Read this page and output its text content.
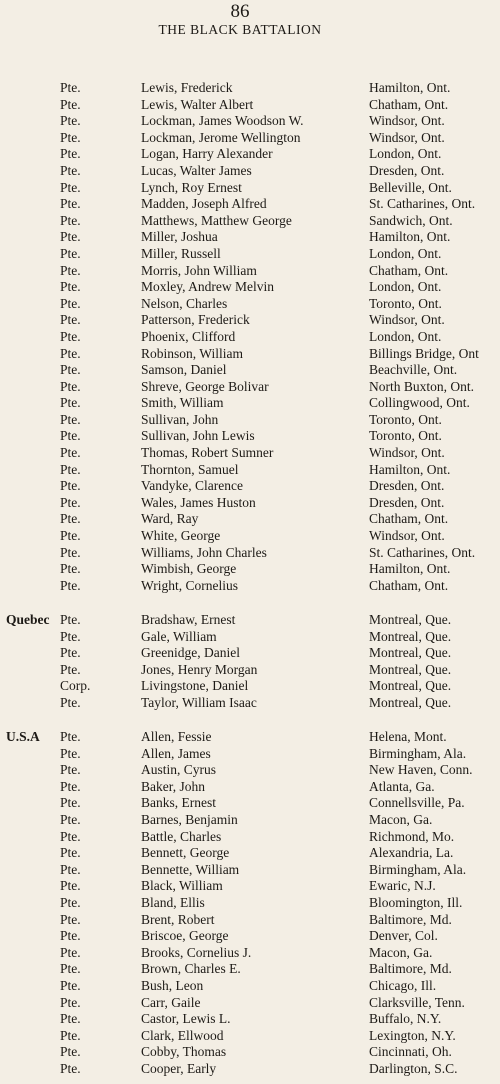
86
THE BLACK BATTALION
Pte.	Lewis, Frederick	Hamilton, Ont.
Pte.	Lewis, Walter Albert	Chatham, Ont.
Pte.	Lockman, James Woodson W.	Windsor, Ont.
Pte.	Lockman, Jerome Wellington	Windsor, Ont.
Pte.	Logan, Harry Alexander	London, Ont.
Pte.	Lucas, Walter James	Dresden, Ont.
Pte.	Lynch, Roy Ernest	Belleville, Ont.
Pte.	Madden, Joseph Alfred	St. Catharines, Ont.
Pte.	Matthews, Matthew George	Sandwich, Ont.
Pte.	Miller, Joshua	Hamilton, Ont.
Pte.	Miller, Russell	London, Ont.
Pte.	Morris, John William	Chatham, Ont.
Pte.	Moxley, Andrew Melvin	London, Ont.
Pte.	Nelson, Charles	Toronto, Ont.
Pte.	Patterson, Frederick	Windsor, Ont.
Pte.	Phoenix, Clifford	London, Ont.
Pte.	Robinson, William	Billings Bridge, Ont
Pte.	Samson, Daniel	Beachville, Ont.
Pte.	Shreve, George Bolivar	North Buxton, Ont.
Pte.	Smith, William	Collingwood, Ont.
Pte.	Sullivan, John	Toronto, Ont.
Pte.	Sullivan, John Lewis	Toronto, Ont.
Pte.	Thomas, Robert Sumner	Windsor, Ont.
Pte.	Thornton, Samuel	Hamilton, Ont.
Pte.	Vandyke, Clarence	Dresden, Ont.
Pte.	Wales, James Huston	Dresden, Ont.
Pte.	Ward, Ray	Chatham, Ont.
Pte.	White, George	Windsor, Ont.
Pte.	Williams, John Charles	St. Catharines, Ont.
Pte.	Wimbish, George	Hamilton, Ont.
Pte.	Wright, Cornelius	Chatham, Ont.
Quebec Pte.	Bradshaw, Ernest	Montreal, Que.
Pte.	Gale, William	Montreal, Que.
Pte.	Greenidge, Daniel	Montreal, Que.
Pte.	Jones, Henry Morgan	Montreal, Que.
Corp.	Livingstone, Daniel	Montreal, Que.
Pte.	Taylor, William Isaac	Montreal, Que.
U.S.A Pte.	Allen, Fessie	Helena, Mont.
Pte.	Allen, James	Birmingham, Ala.
Pte.	Austin, Cyrus	New Haven, Conn.
Pte.	Baker, John	Atlanta, Ga.
Pte.	Banks, Ernest	Connellsville, Pa.
Pte.	Barnes, Benjamin	Macon, Ga.
Pte.	Battle, Charles	Richmond, Mo.
Pte.	Bennett, George	Alexandria, La.
Pte.	Bennette, William	Birmingham, Ala.
Pte.	Black, William	Ewaric, N.J.
Pte.	Bland, Ellis	Bloomington, Ill.
Pte.	Brent, Robert	Baltimore, Md.
Pte.	Briscoe, George	Denver, Col.
Pte.	Brooks, Cornelius J.	Macon, Ga.
Pte.	Brown, Charles E.	Baltimore, Md.
Pte.	Bush, Leon	Chicago, Ill.
Pte.	Carr, Gaile	Clarksville, Tenn.
Pte.	Castor, Lewis L.	Buffalo, N.Y.
Pte.	Clark, Ellwood	Lexington, N.Y.
Pte.	Cobby, Thomas	Cincinnati, Oh.
Pte.	Cooper, Early	Darlington, S.C.
